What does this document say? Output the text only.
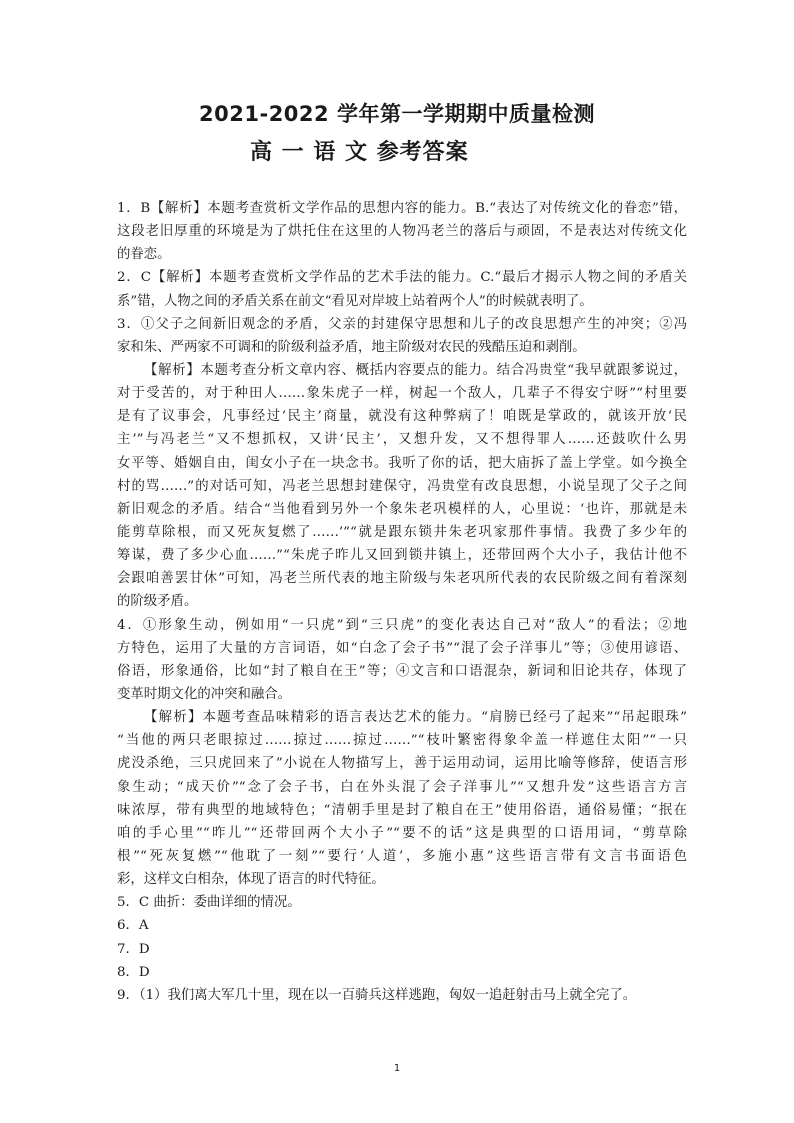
2021-2022 学年第一学期期中质量检测
高 一 语 文 参考答案
1．B【解析】本题考查赏析文学作品的思想内容的能力。B.“表达了对传统文化的眷恋”错，
这段老旧厚重的环境是为了烘托住在这里的人物冯老兰的落后与顽固，不是表达对传统文化
的眷恋。
2．C【解析】本题考查赏析文学作品的艺术手法的能力。C.“最后才揭示人物之间的矛盾关
系”错，人物之间的矛盾关系在前文“看见对岸坡上站着两个人”的时候就表明了。
3．①父子之间新旧观念的矛盾，父亲的封建保守思想和儿子的改良思想产生的冲突；②冯
家和朱、严两家不可调和的阶级利益矛盾，地主阶级对农民的残酷压迫和剥削。
【解析】本题考查分析文章内容、概括内容要点的能力。结合冯贵堂“我早就跟爹说过，
对于受苦的，对于种田人……象朱虎子一样，树起一个敌人，几辈子不得安宁呀”“村里要
是有了议事会，凡事经过‘民主’商量，就没有这种弊病了！咱既是掌政的，就该开放‘民
主’”与冯老兰“又不想抓权，又讲‘民主’，又想升发，又不想得罪人……还鼓吹什么男
女平等、婚姻自由，闺女小子在一块念书。我听了你的话，把大庙拆了盖上学堂。如今换全
村的骂……”的对话可知，冯老兰思想封建保守，冯贵堂有改良思想，小说呈现了父子之间
新旧观念的矛盾。结合“当他看到另外一个象朱老巩模样的人，心里说：‘也许，那就是未
能剪草除根，而又死灰复燃了……’”“就是跟东锁井朱老巩家那件事情。我费了多少年的
筹谋，费了多少心血……”“朱虎子昨儿又回到锁井镇上，还带回两个大小子，我估计他不
会跟咱善罢甘休”可知，冯老兰所代表的地主阶级与朱老巩所代表的农民阶级之间有着深刻
的阶级矛盾。
4．①形象生动，例如用“一只虎”到“三只虎”的变化表达自己对“敌人”的看法；②地
方特色，运用了大量的方言词语，如“白念了会子书”“混了会子洋事儿”等；③使用谚语、
俗语，形象通俗，比如“封了粮自在王”等；④文言和口语混杂，新词和旧论共存，体现了
变革时期文化的冲突和融合。
【解析】本题考查品味精彩的语言表达艺术的能力。“肩膀已经弓了起来”“吊起眼珠”
“当他的两只老眼掠过……掠过……掠过……”“枝叶繁密得象伞盖一样遮住太阳”“一只
虎没杀绝，三只虎回来了”小说在人物描写上，善于运用动词，运用比喻等修辞，使语言形
象生动；“成天价”“念了会子书，白在外头混了会子洋事儿”“又想升发”这些语言方言
味浓厚，带有典型的地域特色；“清朝手里是封了粮自在王”使用俗语，通俗易懂；“抿在
咱的手心里”“昨儿”“还带回两个大小子”“要不的话”这是典型的口语用词，“剪草除
根”“死灰复燃”“他耽了一刻”“要行‘人道’，多施小惠”这些语言带有文言书面语色
彩，这样文白相杂，体现了语言的时代特征。
5．C 曲折：委曲详细的情况。
6．A
7．D
8．D
9．（1）我们离大军几十里，现在以一百骑兵这样逃跑，匈奴一追赶射击马上就全完了。
1
